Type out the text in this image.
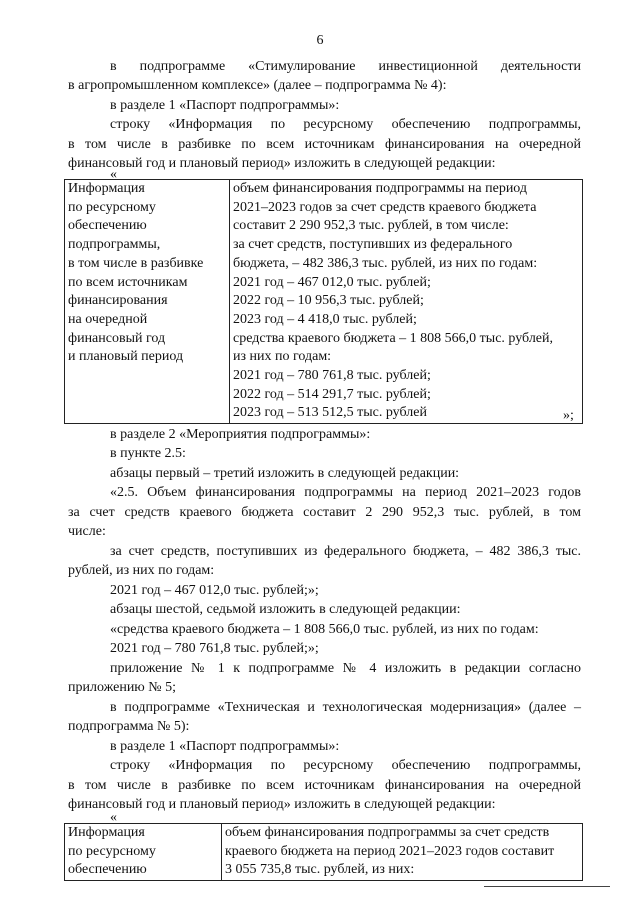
6
в подпрограмме «Стимулирование инвестиционной деятельности
в агропромышленном комплексе» (далее – подпрограмма № 4):
в разделе 1 «Паспорт подпрограммы»:
строку «Информация по ресурсному обеспечению подпрограммы,
в том числе в разбивке по всем источникам финансирования на очередной
финансовый год и плановый период» изложить в следующей редакции:
«
Информация
по ресурсному
обеспечению
подпрограммы,
в том числе в разбивке
по всем источникам
финансирования
на очередной
финансовый год
и плановый период

объем финансирования подпрограммы на период
2021–2023 годов за счет средств краевого бюджета
составит 2 290 952,3 тыс. рублей, в том числе:
за счет средств, поступивших из федерального
бюджета, – 482 386,3 тыс. рублей, из них по годам:
2021 год – 467 012,0 тыс. рублей;
2022 год – 10 956,3 тыс. рублей;
2023 год – 4 418,0 тыс. рублей;
средства краевого бюджета – 1 808 566,0 тыс. рублей,
из них по годам:
2021 год – 780 761,8 тыс. рублей;
2022 год – 514 291,7 тыс. рублей;
2023 год – 513 512,5 тыс. рублей	»;
в разделе 2 «Мероприятия подпрограммы»:
в пункте 2.5:
абзацы первый – третий изложить в следующей редакции:
«2.5. Объем финансирования подпрограммы на период 2021–2023 годов
за счет средств краевого бюджета составит 2 290 952,3 тыс. рублей, в том
числе:
за счет средств, поступивших из федерального бюджета, – 482 386,3 тыс.
рублей, из них по годам:
2021 год – 467 012,0 тыс. рублей;»;
абзацы шестой, седьмой изложить в следующей редакции:
«средства краевого бюджета – 1 808 566,0 тыс. рублей, из них по годам:
2021 год – 780 761,8 тыс. рублей;»;
приложение № 1 к подпрограмме № 4 изложить в редакции согласно
приложению № 5;
в подпрограмме «Техническая и технологическая модернизация» (далее –
подпрограмма № 5):
в разделе 1 «Паспорт подпрограммы»:
строку «Информация по ресурсному обеспечению подпрограммы,
в том числе в разбивке по всем источникам финансирования на очередной
финансовый год и плановый период» изложить в следующей редакции:
«
Информация
по ресурсному
обеспечению

объем финансирования подпрограммы за счет средств
краевого бюджета на период 2021–2023 годов составит
3 055 735,8 тыс. рублей, из них:
